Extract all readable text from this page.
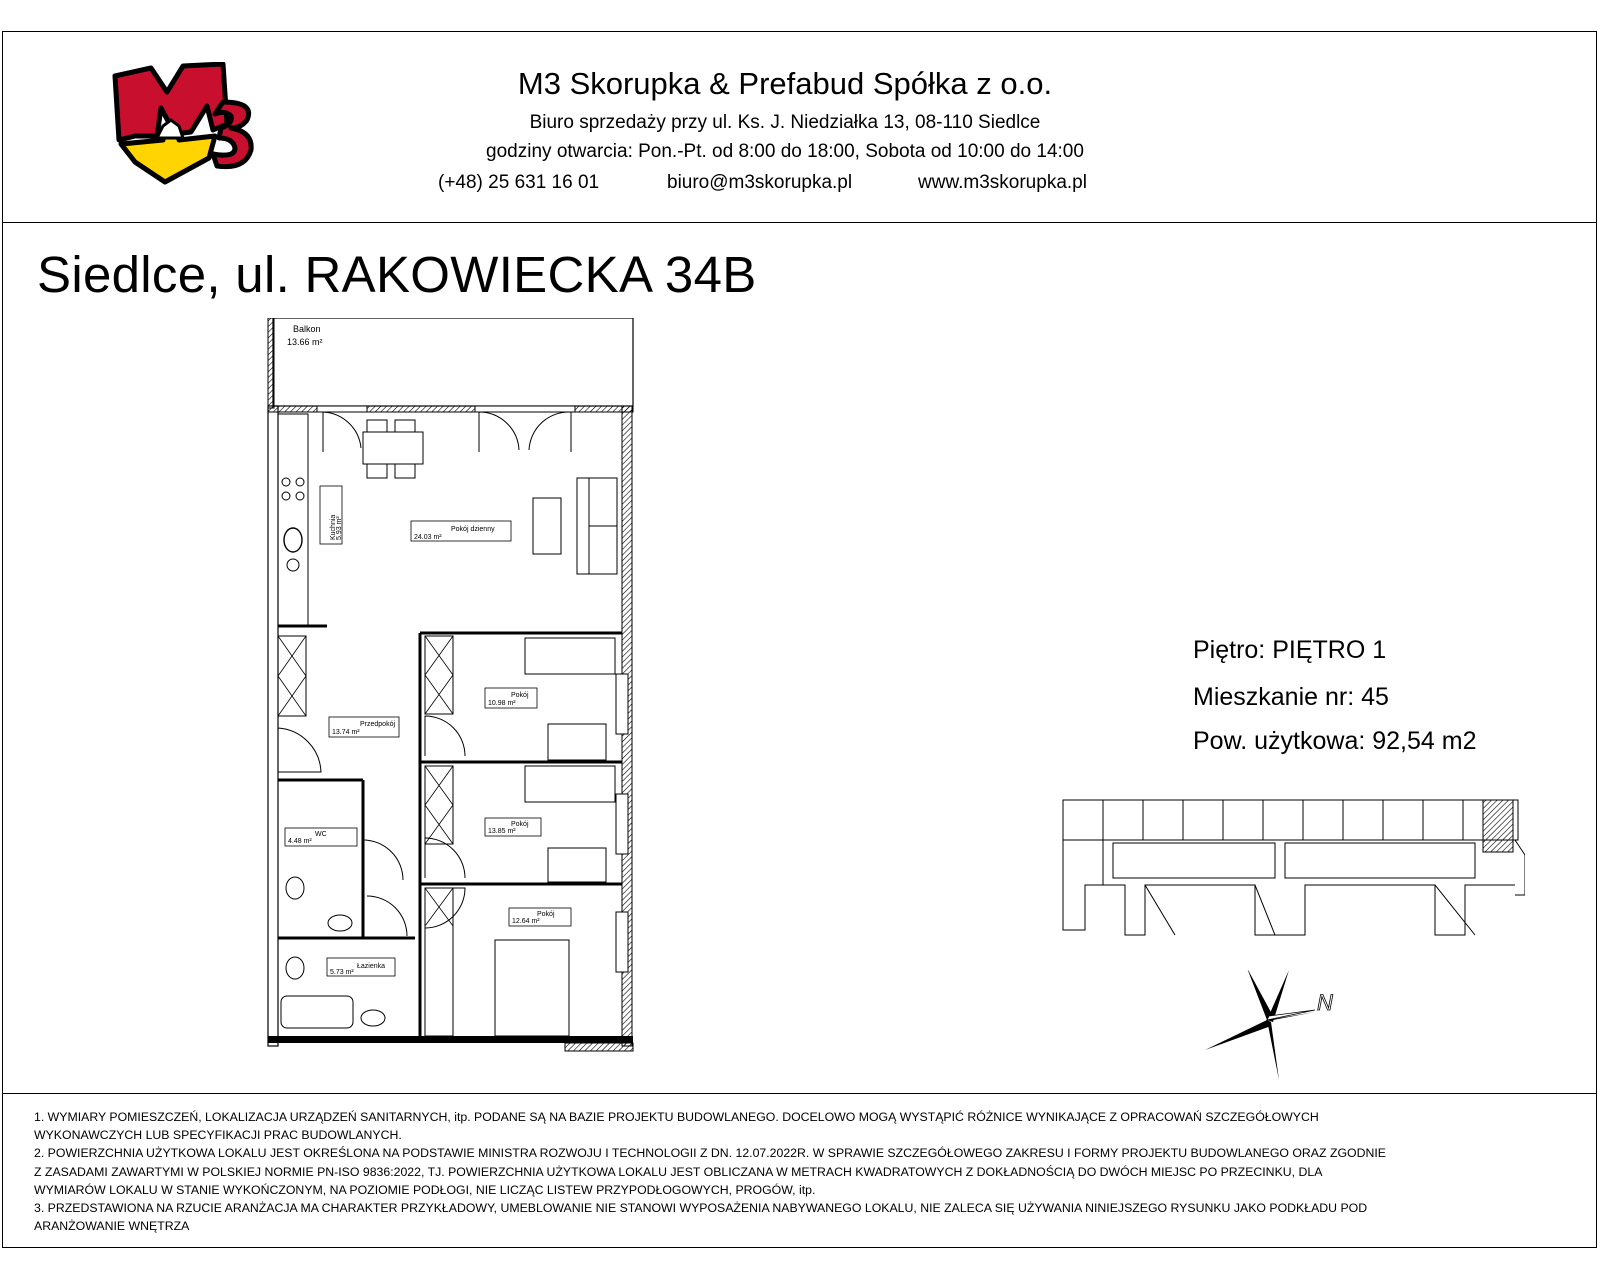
M3 Skorupka & Prefabud Spółka z o.o.
Biuro sprzedaży przy ul. Ks. J. Niedziałka 13, 08-110 Siedlce
godziny otwarcia: Pon.-Pt. od 8:00 do 18:00, Sobota od 10:00 do 14:00
(+48) 25 631 16 01	biuro@m3skorupka.pl	www.m3skorupka.pl
Siedlce, ul. RAKOWIECKA 34B
Balkon
13.66 m²
Kuchnia 5.93 m²	Pokój dzienny
24.03 m²
Przedpokój
13.74 m²
Pokój
10.98 m²
Pokój
13.85 m²
Pokój
12.64 m²
WC
4.48 m²
Łazienka
5.73 m²
Piętro: PIĘTRO 1
Mieszkanie nr: 45
Pow. użytkowa: 92,54 m2
N
1. WYMIARY POMIESZCZEŃ, LOKALIZACJA URZĄDZEŃ SANITARNYCH, itp. PODANE SĄ NA BAZIE PROJEKTU BUDOWLANEGO. DOCELOWO MOGĄ WYSTĄPIĆ RÓŻNICE WYNIKAJĄCE Z OPRACOWAŃ SZCZEGÓŁOWYCH
WYKONAWCZYCH LUB SPECYFIKACJI PRAC BUDOWLANYCH.
2. POWIERZCHNIA UŻYTKOWA LOKALU JEST OKREŚLONA NA PODSTAWIE MINISTRA ROZWOJU I TECHNOLOGII Z DN. 12.07.2022R. W SPRAWIE SZCZEGÓŁOWEGO ZAKRESU I FORMY PROJEKTU BUDOWLANEGO ORAZ ZGODNIE
Z ZASADAMI ZAWARTYMI W POLSKIEJ NORMIE PN-ISO 9836:2022, TJ. POWIERZCHNIA UŻYTKOWA LOKALU JEST OBLICZANA W METRACH KWADRATOWYCH Z DOKŁADNOŚCIĄ DO DWÓCH MIEJSC PO PRZECINKU, DLA
WYMIARÓW LOKALU W STANIE WYKOŃCZONYM, NA POZIOMIE PODŁOGI, NIE LICZĄC LISTEW PRZYPODŁOGOWYCH, PROGÓW, itp.
3. PRZEDSTAWIONA NA RZUCIE ARANŻACJA MA CHARAKTER PRZYKŁADOWY, UMEBLOWANIE NIE STANOWI WYPOSAŻENIA NABYWANEGO LOKALU, NIE ZALECA SIĘ UŻYWANIA NINIEJSZEGO RYSUNKU JAKO PODKŁADU POD
ARANŻOWANIE WNĘTRZA
